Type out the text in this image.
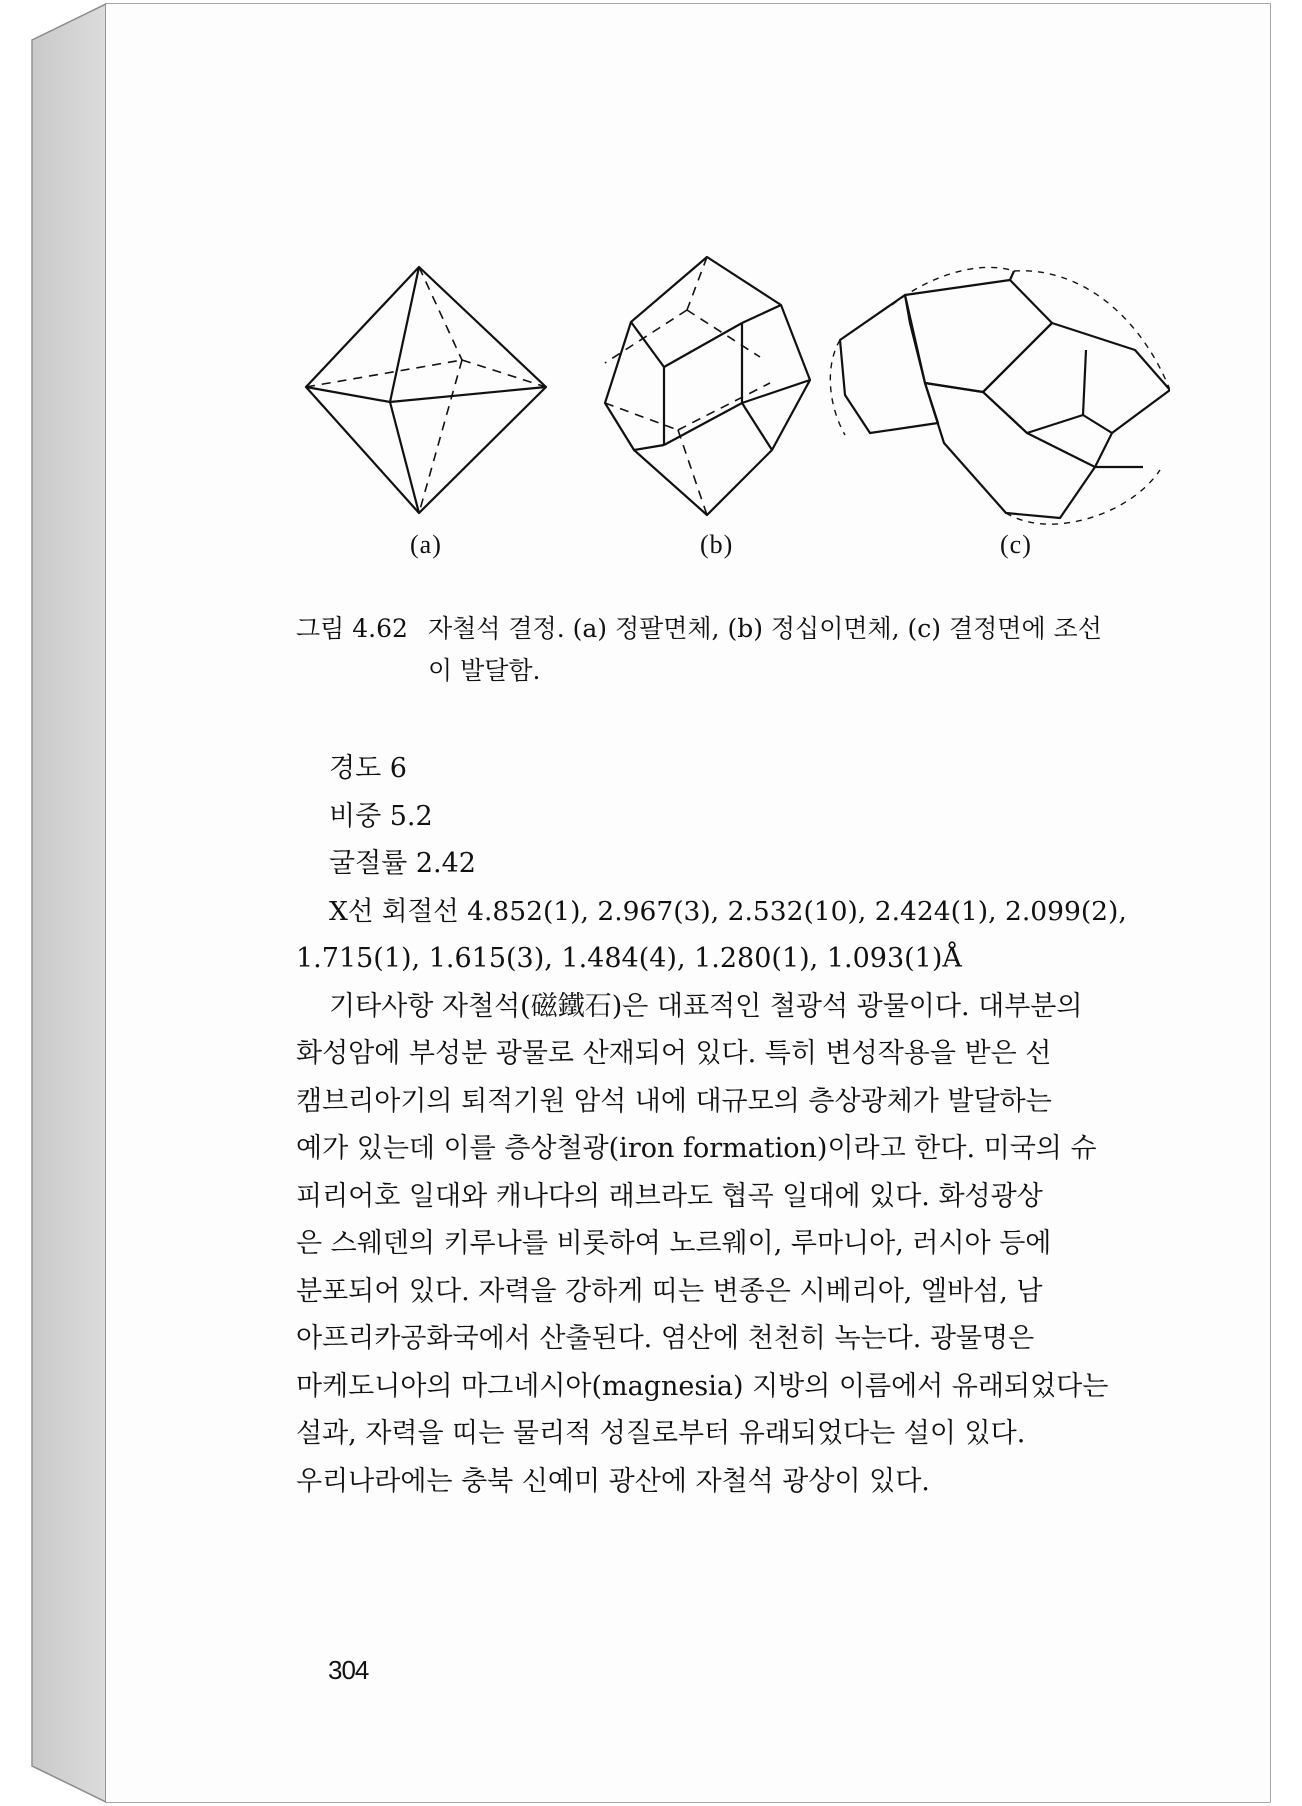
(a)	(b)	(c)
그림 4.62 자철석 결정. (a) 정팔면체, (b) 정십이면체, (c) 결정면에 조선
이 발달함.
경도 6
비중 5.2
굴절률 2.42
X선 회절선 4.852(1), 2.967(3), 2.532(10), 2.424(1), 2.099(2),
1.715(1), 1.615(3), 1.484(4), 1.280(1), 1.093(1)Å
기타사항 자철석(磁鐵石)은 대표적인 철광석 광물이다. 대부분의
화성암에 부성분 광물로 산재되어 있다. 특히 변성작용을 받은 선
캠브리아기의 퇴적기원 암석 내에 대규모의 층상광체가 발달하는
예가 있는데 이를 층상철광(iron formation)이라고 한다. 미국의 슈
피리어호 일대와 캐나다의 래브라도 협곡 일대에 있다. 화성광상
은 스웨덴의 키루나를 비롯하여 노르웨이, 루마니아, 러시아 등에
분포되어 있다. 자력을 강하게 띠는 변종은 시베리아, 엘바섬, 남
아프리카공화국에서 산출된다. 염산에 천천히 녹는다. 광물명은
마케도니아의 마그네시아(magnesia) 지방의 이름에서 유래되었다는
설과, 자력을 띠는 물리적 성질로부터 유래되었다는 설이 있다.
우리나라에는 충북 신예미 광산에 자철석 광상이 있다.
304
